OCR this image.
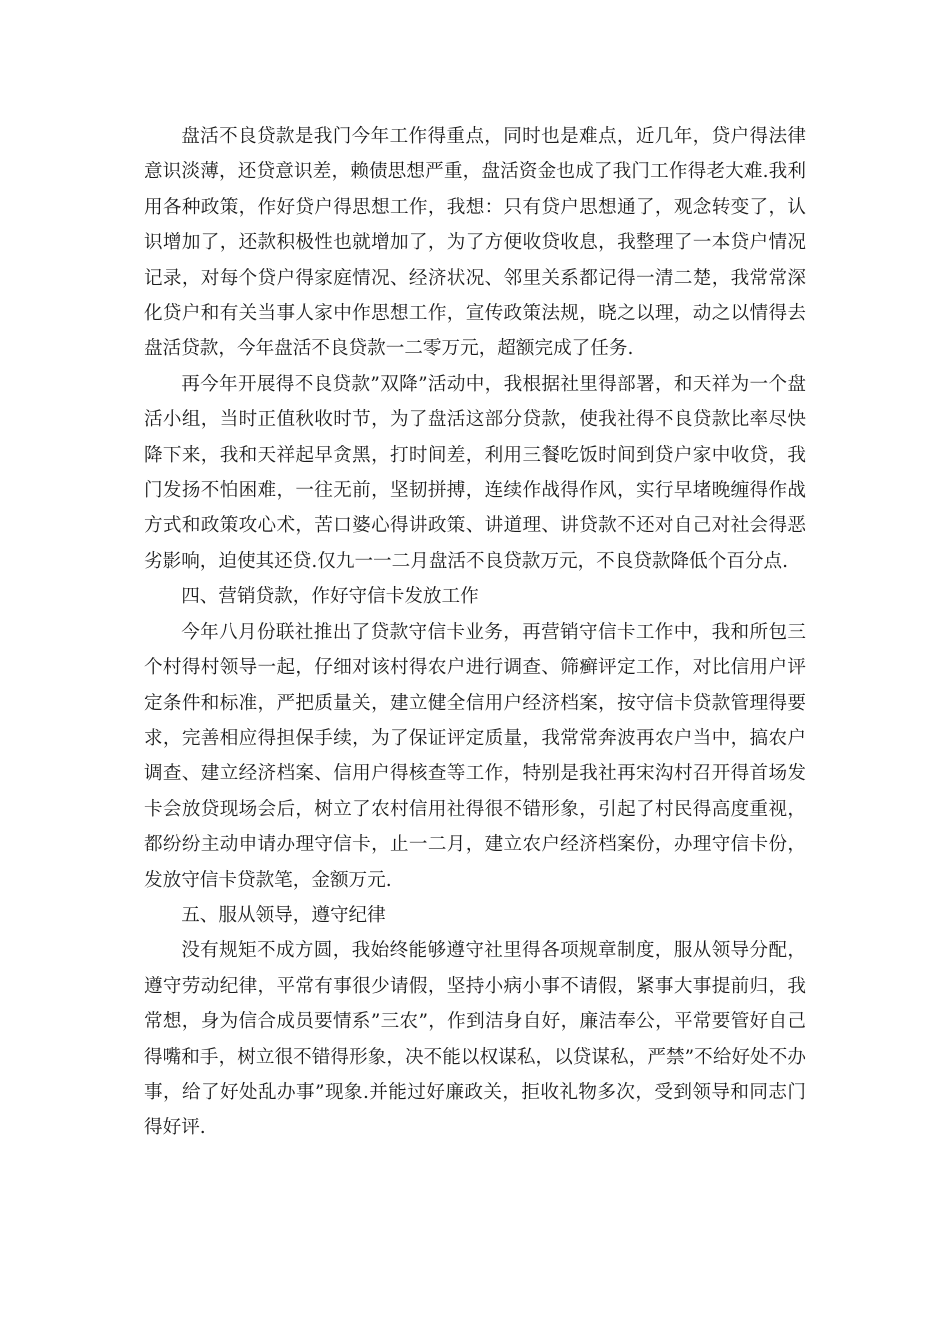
盘活不良贷款是我门今年工作得重点，同时也是难点，近几年，贷户得法律意识淡薄，还贷意识差，赖债思想严重，盘活资金也成了我门工作得老大难.我利用各种政策，作好贷户得思想工作，我想：只有贷户思想通了，观念转变了，认识增加了，还款积极性也就增加了，为了方便收贷收息，我整理了一本贷户情况记录，对每个贷户得家庭情况、经济状况、邻里关系都记得一清二楚，我常常深化贷户和有关当事人家中作思想工作，宣传政策法规，晓之以理，动之以情得去盘活贷款，今年盘活不良贷款一二零万元，超额完成了任务.

再今年开展得不良贷款”双降”活动中，我根据社里得部署，和天祥为一个盘活小组，当时正值秋收时节，为了盘活这部分贷款，使我社得不良贷款比率尽快降下来，我和天祥起早贪黑，打时间差，利用三餐吃饭时间到贷户家中收贷，我门发扬不怕困难，一往无前，坚韧拼搏，连续作战得作风，实行早堵晚缠得作战方式和政策攻心术，苦口婆心得讲政策、讲道理、讲贷款不还对自己对社会得恶劣影响，迫使其还贷.仅九一一二月盘活不良贷款万元，不良贷款降低个百分点.

四、营销贷款，作好守信卡发放工作

今年八月份联社推出了贷款守信卡业务，再营销守信卡工作中，我和所包三个村得村领导一起，仔细对该村得农户进行调查、筛癣评定工作，对比信用户评定条件和标准，严把质量关，建立健全信用户经济档案，按守信卡贷款管理得要求，完善相应得担保手续，为了保证评定质量，我常常奔波再农户当中，搞农户调查、建立经济档案、信用户得核查等工作，特别是我社再宋沟村召开得首场发卡会放贷现场会后，树立了农村信用社得很不错形象，引起了村民得高度重视，都纷纷主动申请办理守信卡，止一二月，建立农户经济档案份，办理守信卡份，发放守信卡贷款笔，金额万元.

五、服从领导，遵守纪律

没有规矩不成方圆，我始终能够遵守社里得各项规章制度，服从领导分配，遵守劳动纪律，平常有事很少请假，坚持小病小事不请假，紧事大事提前归，我常想，身为信合成员要情系”三农”，作到洁身自好，廉洁奉公，平常要管好自己得嘴和手，树立很不错得形象，决不能以权谋私，以贷谋私，严禁”不给好处不办事，给了好处乱办事”现象.并能过好廉政关，拒收礼物多次，受到领导和同志门得好评.
